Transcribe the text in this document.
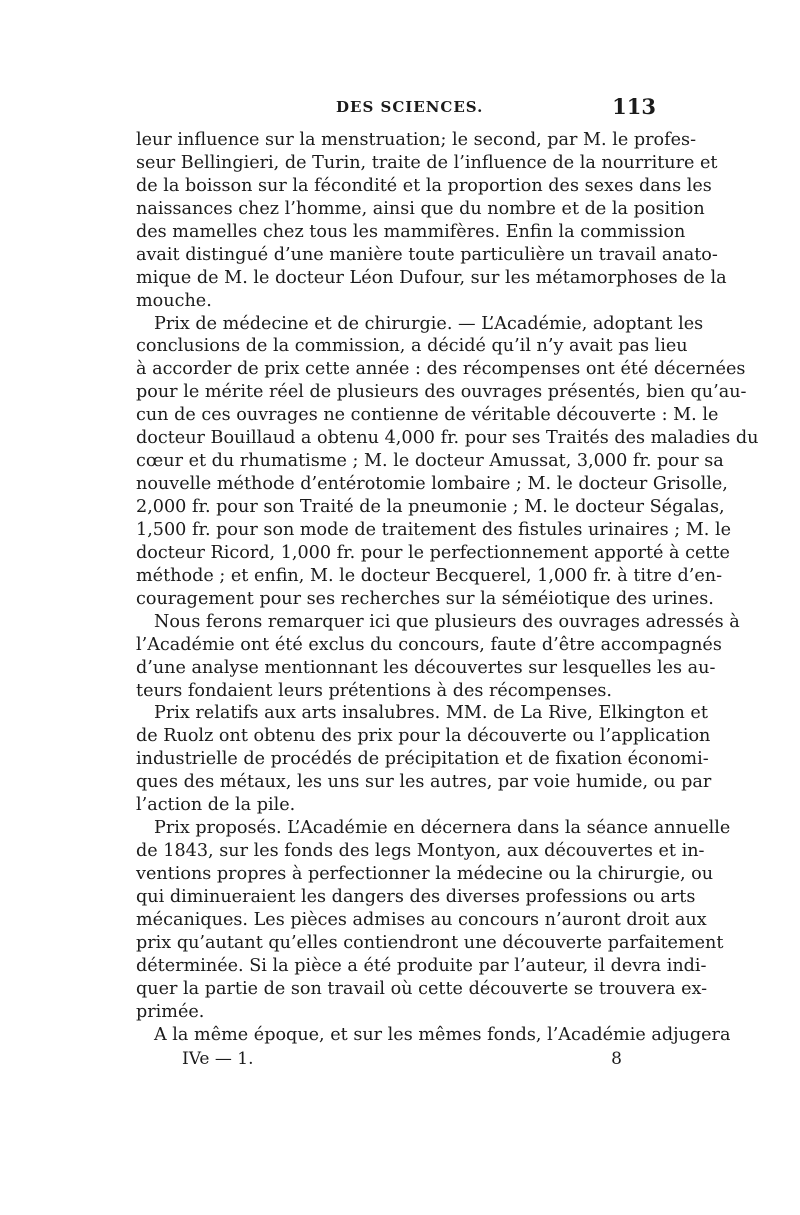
DES SCIENCES.	113
leur influence sur la menstruation; le second, par M. le profes-
seur Bellingieri, de Turin, traite de l’influence de la nourriture et
de la boisson sur la fécondité et la proportion des sexes dans les
naissances chez l’homme, ainsi que du nombre et de la position
des mamelles chez tous les mammifères. Enfin la commission
avait distingué d’une manière toute particulière un travail anato-
mique de M. le docteur Léon Dufour, sur les métamorphoses de la
mouche.
Prix de médecine et de chirurgie. — L’Académie, adoptant les
conclusions de la commission, a décidé qu’il n’y avait pas lieu
à accorder de prix cette année : des récompenses ont été décernées
pour le mérite réel de plusieurs des ouvrages présentés, bien qu’au-
cun de ces ouvrages ne contienne de véritable découverte : M. le
docteur Bouillaud a obtenu 4,000 fr. pour ses Traités des maladies du
cœur et du rhumatisme ; M. le docteur Amussat, 3,000 fr. pour sa
nouvelle méthode d’entérotomie lombaire ; M. le docteur Grisolle,
2,000 fr. pour son Traité de la pneumonie ; M. le docteur Ségalas,
1,500 fr. pour son mode de traitement des fistules urinaires ; M. le
docteur Ricord, 1,000 fr. pour le perfectionnement apporté à cette
méthode ; et enfin, M. le docteur Becquerel, 1,000 fr. à titre d’en-
couragement pour ses recherches sur la séméiotique des urines.
Nous ferons remarquer ici que plusieurs des ouvrages adressés à
l’Académie ont été exclus du concours, faute d’être accompagnés
d’une analyse mentionnant les découvertes sur lesquelles les au-
teurs fondaient leurs prétentions à des récompenses.
Prix relatifs aux arts insalubres. MM. de La Rive, Elkington et
de Ruolz ont obtenu des prix pour la découverte ou l’application
industrielle de procédés de précipitation et de fixation économi-
ques des métaux, les uns sur les autres, par voie humide, ou par
l’action de la pile.
Prix proposés. L’Académie en décernera dans la séance annuelle
de 1843, sur les fonds des legs Montyon, aux découvertes et in-
ventions propres à perfectionner la médecine ou la chirurgie, ou
qui diminueraient les dangers des diverses professions ou arts
mécaniques. Les pièces admises au concours n’auront droit aux
prix qu’autant qu’elles contiendront une découverte parfaitement
déterminée. Si la pièce a été produite par l’auteur, il devra indi-
quer la partie de son travail où cette découverte se trouvera ex-
primée.
A la même époque, et sur les mêmes fonds, l’Académie adjugera
IVe — 1.	8
